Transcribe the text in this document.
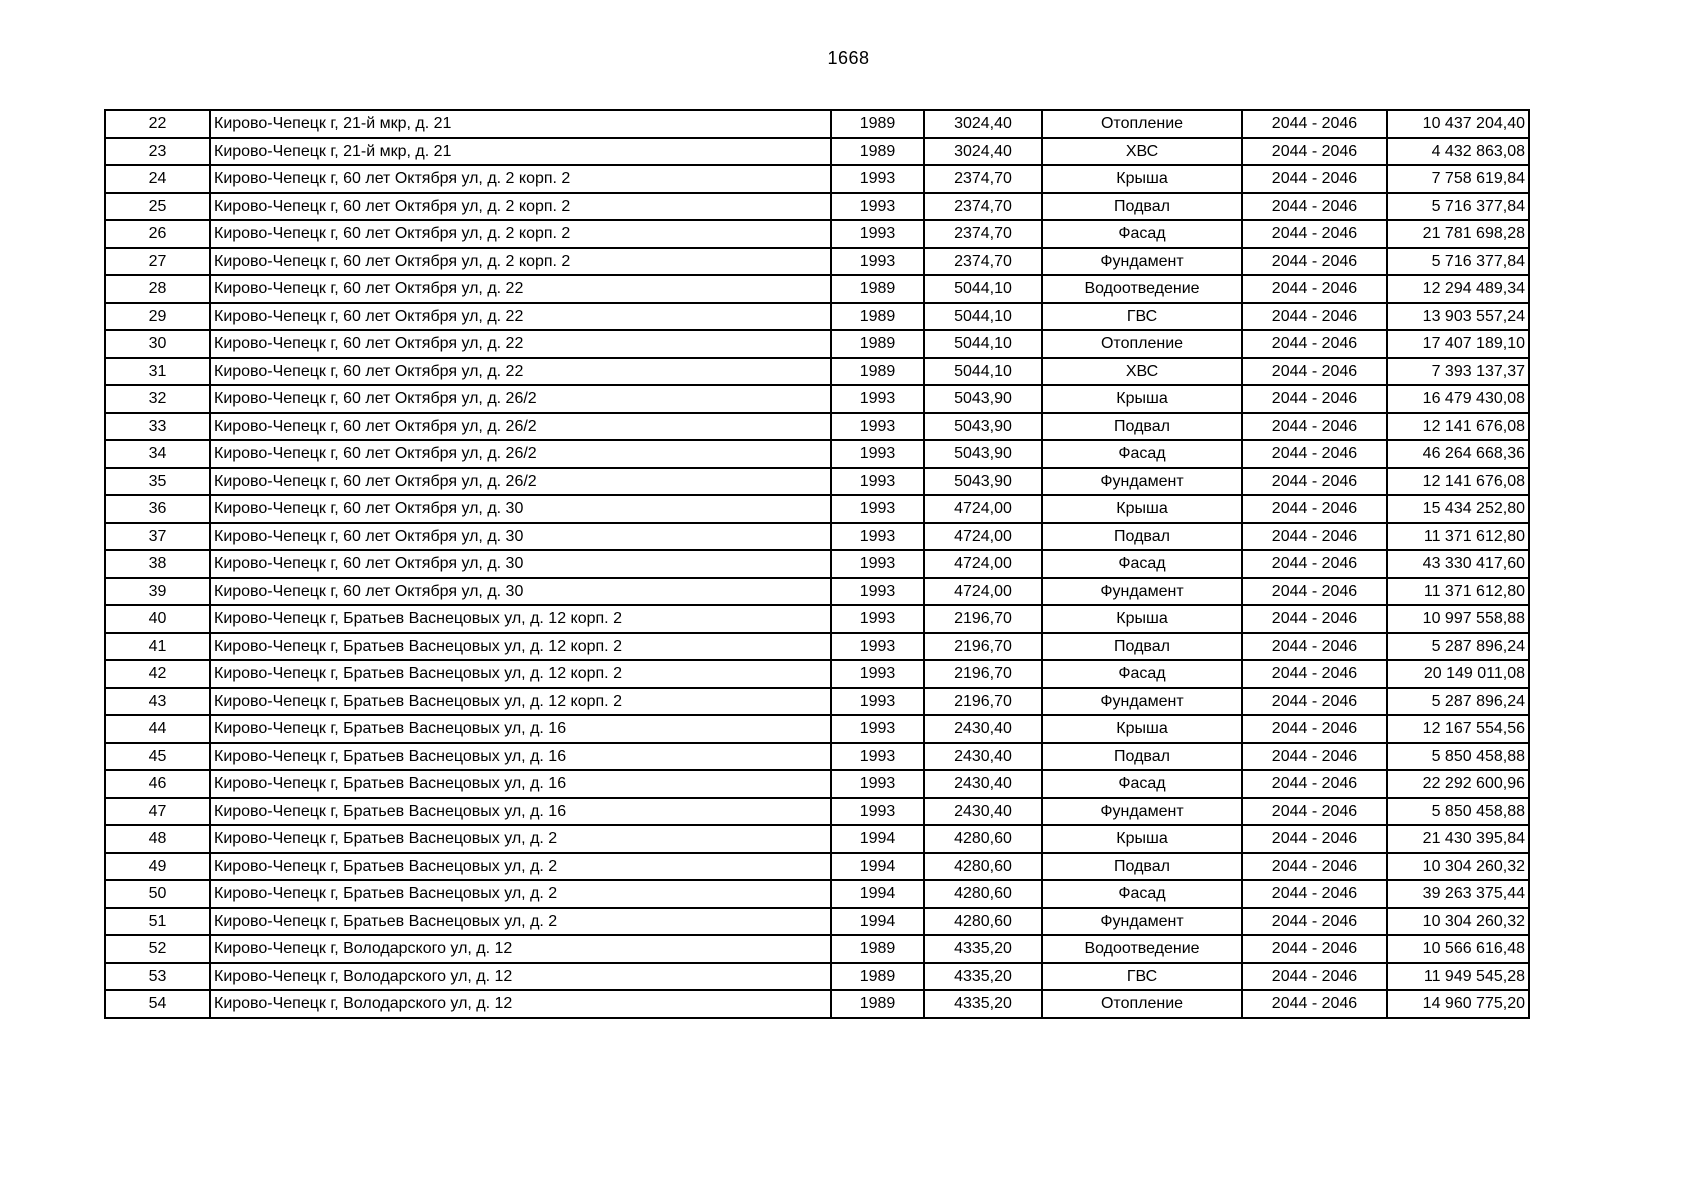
1668
22	Кирово-Чепецк г, 21-й мкр, д. 21	1989	3024,40	Отопление	2044 - 2046	10 437 204,40
23	Кирово-Чепецк г, 21-й мкр, д. 21	1989	3024,40	ХВС	2044 - 2046	4 432 863,08
24	Кирово-Чепецк г, 60 лет Октября ул, д. 2 корп. 2	1993	2374,70	Крыша	2044 - 2046	7 758 619,84
25	Кирово-Чепецк г, 60 лет Октября ул, д. 2 корп. 2	1993	2374,70	Подвал	2044 - 2046	5 716 377,84
26	Кирово-Чепецк г, 60 лет Октября ул, д. 2 корп. 2	1993	2374,70	Фасад	2044 - 2046	21 781 698,28
27	Кирово-Чепецк г, 60 лет Октября ул, д. 2 корп. 2	1993	2374,70	Фундамент	2044 - 2046	5 716 377,84
28	Кирово-Чепецк г, 60 лет Октября ул, д. 22	1989	5044,10	Водоотведение	2044 - 2046	12 294 489,34
29	Кирово-Чепецк г, 60 лет Октября ул, д. 22	1989	5044,10	ГВС	2044 - 2046	13 903 557,24
30	Кирово-Чепецк г, 60 лет Октября ул, д. 22	1989	5044,10	Отопление	2044 - 2046	17 407 189,10
31	Кирово-Чепецк г, 60 лет Октября ул, д. 22	1989	5044,10	ХВС	2044 - 2046	7 393 137,37
32	Кирово-Чепецк г, 60 лет Октября ул, д. 26/2	1993	5043,90	Крыша	2044 - 2046	16 479 430,08
33	Кирово-Чепецк г, 60 лет Октября ул, д. 26/2	1993	5043,90	Подвал	2044 - 2046	12 141 676,08
34	Кирово-Чепецк г, 60 лет Октября ул, д. 26/2	1993	5043,90	Фасад	2044 - 2046	46 264 668,36
35	Кирово-Чепецк г, 60 лет Октября ул, д. 26/2	1993	5043,90	Фундамент	2044 - 2046	12 141 676,08
36	Кирово-Чепецк г, 60 лет Октября ул, д. 30	1993	4724,00	Крыша	2044 - 2046	15 434 252,80
37	Кирово-Чепецк г, 60 лет Октября ул, д. 30	1993	4724,00	Подвал	2044 - 2046	11 371 612,80
38	Кирово-Чепецк г, 60 лет Октября ул, д. 30	1993	4724,00	Фасад	2044 - 2046	43 330 417,60
39	Кирово-Чепецк г, 60 лет Октября ул, д. 30	1993	4724,00	Фундамент	2044 - 2046	11 371 612,80
40	Кирово-Чепецк г, Братьев Васнецовых ул, д. 12 корп. 2	1993	2196,70	Крыша	2044 - 2046	10 997 558,88
41	Кирово-Чепецк г, Братьев Васнецовых ул, д. 12 корп. 2	1993	2196,70	Подвал	2044 - 2046	5 287 896,24
42	Кирово-Чепецк г, Братьев Васнецовых ул, д. 12 корп. 2	1993	2196,70	Фасад	2044 - 2046	20 149 011,08
43	Кирово-Чепецк г, Братьев Васнецовых ул, д. 12 корп. 2	1993	2196,70	Фундамент	2044 - 2046	5 287 896,24
44	Кирово-Чепецк г, Братьев Васнецовых ул, д. 16	1993	2430,40	Крыша	2044 - 2046	12 167 554,56
45	Кирово-Чепецк г, Братьев Васнецовых ул, д. 16	1993	2430,40	Подвал	2044 - 2046	5 850 458,88
46	Кирово-Чепецк г, Братьев Васнецовых ул, д. 16	1993	2430,40	Фасад	2044 - 2046	22 292 600,96
47	Кирово-Чепецк г, Братьев Васнецовых ул, д. 16	1993	2430,40	Фундамент	2044 - 2046	5 850 458,88
48	Кирово-Чепецк г, Братьев Васнецовых ул, д. 2	1994	4280,60	Крыша	2044 - 2046	21 430 395,84
49	Кирово-Чепецк г, Братьев Васнецовых ул, д. 2	1994	4280,60	Подвал	2044 - 2046	10 304 260,32
50	Кирово-Чепецк г, Братьев Васнецовых ул, д. 2	1994	4280,60	Фасад	2044 - 2046	39 263 375,44
51	Кирово-Чепецк г, Братьев Васнецовых ул, д. 2	1994	4280,60	Фундамент	2044 - 2046	10 304 260,32
52	Кирово-Чепецк г, Володарского ул, д. 12	1989	4335,20	Водоотведение	2044 - 2046	10 566 616,48
53	Кирово-Чепецк г, Володарского ул, д. 12	1989	4335,20	ГВС	2044 - 2046	11 949 545,28
54	Кирово-Чепецк г, Володарского ул, д. 12	1989	4335,20	Отопление	2044 - 2046	14 960 775,20
